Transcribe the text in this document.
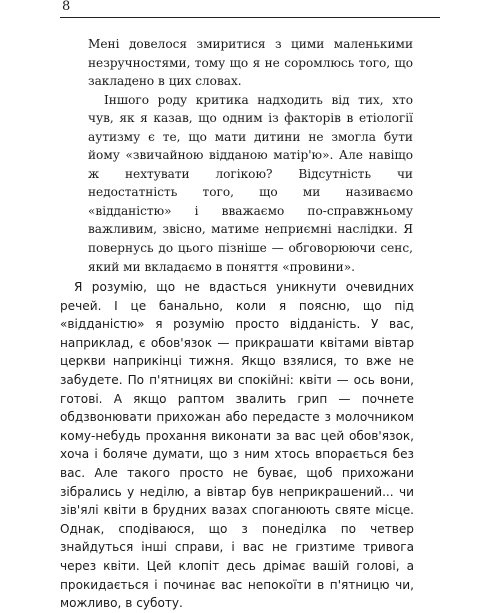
8

Мені довелося змиритися з цими маленькими незручностями, тому що я не соромлюсь того, що закладено в цих словах.

Іншого роду критика надходить від тих, хто чув, як я казав, що одним із факторів в етіології аутизму є те, що мати дитини не змогла бути йому «звичайною відданою матір'ю». Але навіщо ж нехтувати логікою? Відсутність чи недостатність того, що ми називаємо «відданістю» і вважаємо по-справжньому важливим, звісно, матиме неприємні наслідки. Я повернусь до цього пізніше — обговорюючи сенс, який ми вкладаємо в поняття «провини».

Я розумію, що не вдасться уникнути очевидних речей. І це банально, коли я поясню, що під «відданістю» я розумію просто відданість. У вас, наприклад, є обов'язок — прикрашати квітами вівтар церкви наприкінці тижня. Якщо взялися, то вже не забудете. По п'ятницях ви спокійні: квіти — ось вони, готові. А якщо раптом звалить грип — почнете обдзвонювати прихожан або передасте з молочником кому-небудь прохання виконати за вас цей обов'язок, хоча і боляче думати, що з ним хтось впорається без вас. Але такого просто не буває, щоб прихожани зібрались у неділю, а вівтар був неприкрашений... чи зів'ялі квіти в брудних вазах споганюють святе місце. Однак, сподіваюся, що з понеділка по четвер знайдуться інші справи, і вас не гризтиме тривога через квіти. Цей клопіт десь дрімає вашій голові, а прокидається і починає вас непокоїти в п'ятницю чи, можливо, в суботу.
